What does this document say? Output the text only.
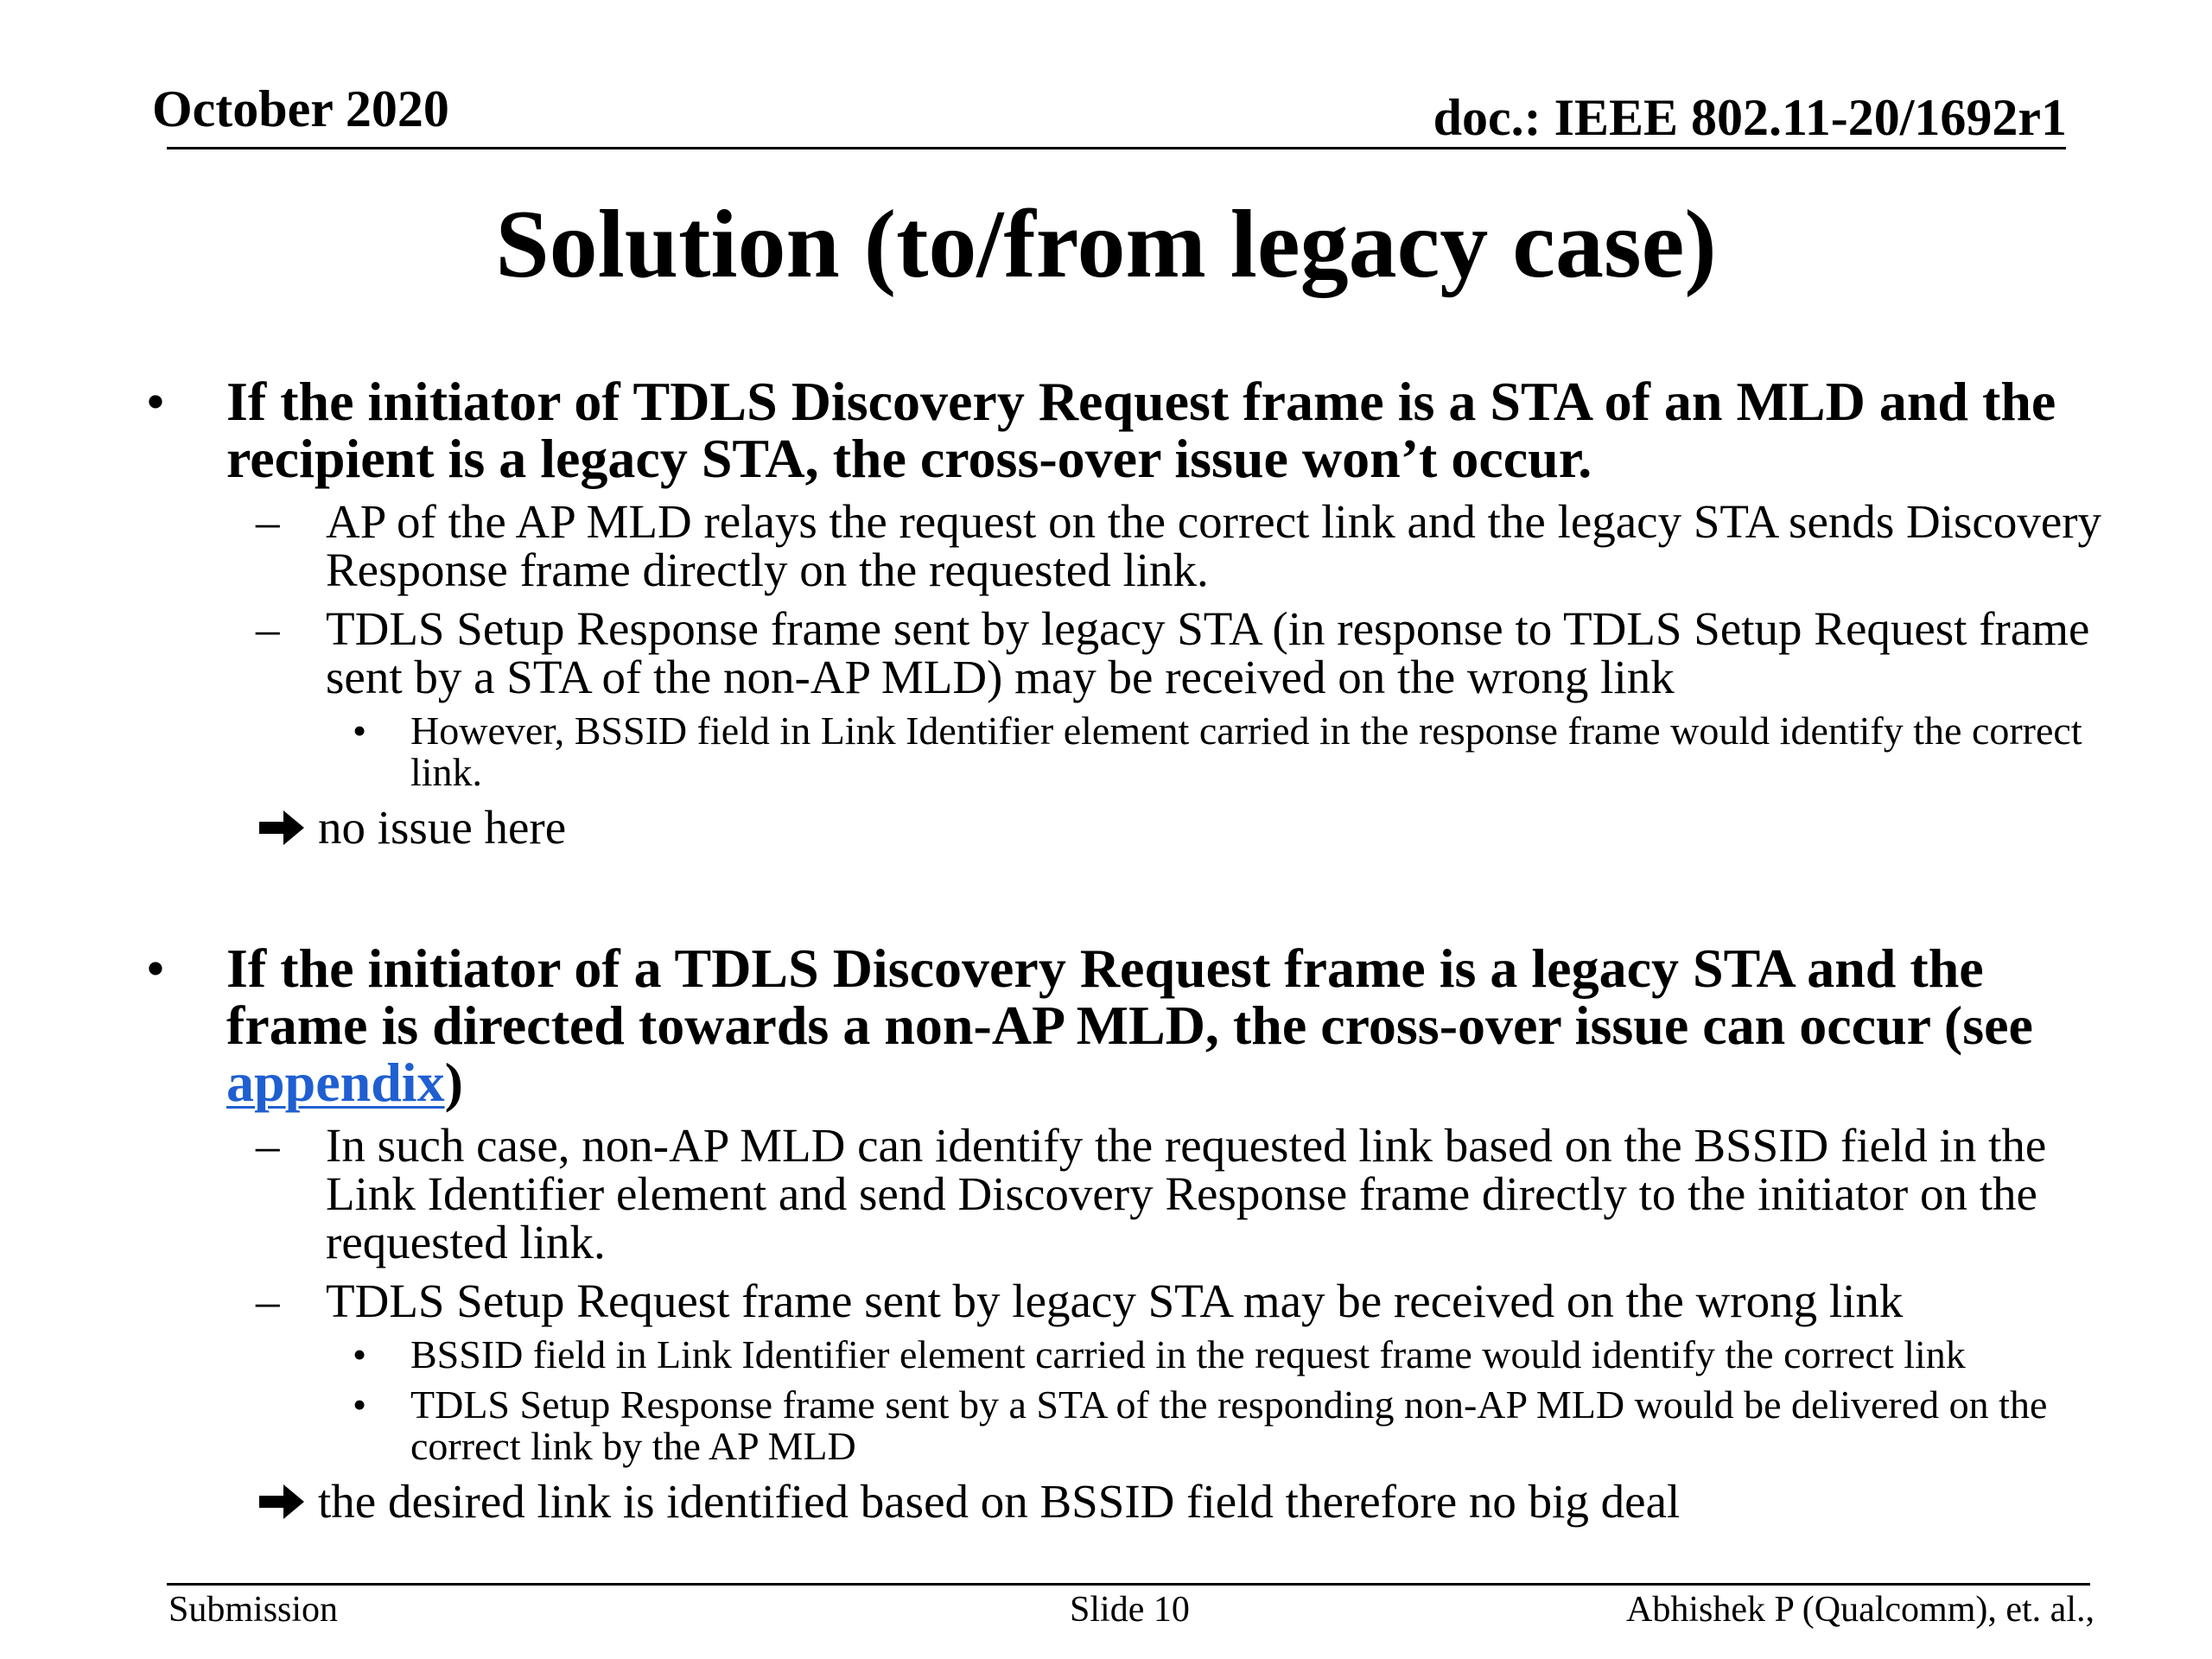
October 2020	doc.: IEEE 802.11-20/1692r1
Solution (to/from legacy case)
• If the initiator of TDLS Discovery Request frame is a STA of an MLD and the recipient is a legacy STA, the cross-over issue won’t occur.
– AP of the AP MLD relays the request on the correct link and the legacy STA sends Discovery Response frame directly on the requested link.
– TDLS Setup Response frame sent by legacy STA (in response to TDLS Setup Request frame sent by a STA of the non-AP MLD) may be received on the wrong link
• However, BSSID field in Link Identifier element carried in the response frame would identify the correct link.
no issue here
• If the initiator of a TDLS Discovery Request frame is a legacy STA and the frame is directed towards a non-AP MLD, the cross-over issue can occur (see appendix)
– In such case, non-AP MLD can identify the requested link based on the BSSID field in the Link Identifier element and send Discovery Response frame directly to the initiator on the requested link.
– TDLS Setup Request frame sent by legacy STA may be received on the wrong link
• BSSID field in Link Identifier element carried in the request frame would identify the correct link
• TDLS Setup Response frame sent by a STA of the responding non-AP MLD would be delivered on the correct link by the AP MLD
the desired link is identified based on BSSID field therefore no big deal
Submission	Slide 10	Abhishek P (Qualcomm), et. al.,
